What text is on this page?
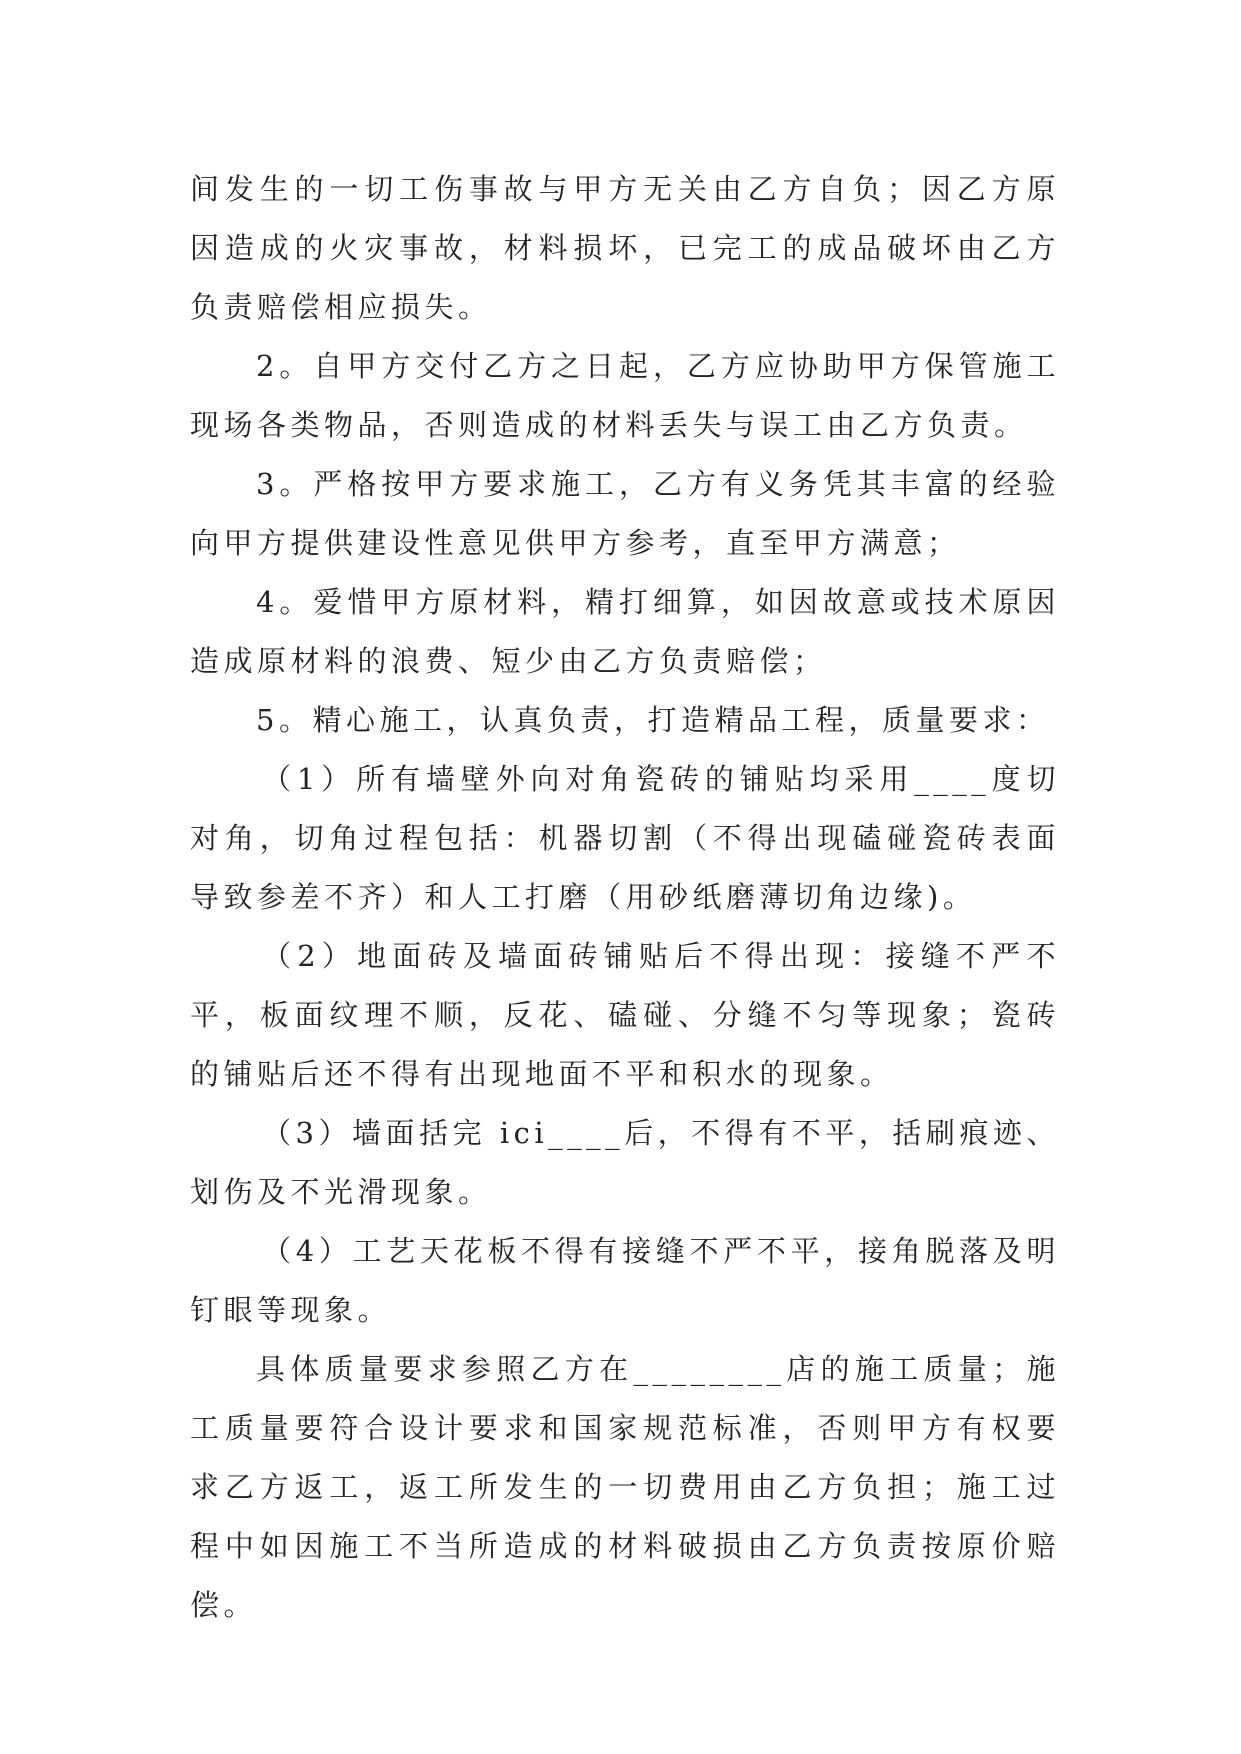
间发生的一切工伤事故与甲方无关由乙方自负；因乙方原因造成的火灾事故，材料损坏，已完工的成品破坏由乙方负责赔偿相应损失。

2。自甲方交付乙方之日起，乙方应协助甲方保管施工现场各类物品，否则造成的材料丢失与误工由乙方负责。

3。严格按甲方要求施工，乙方有义务凭其丰富的经验向甲方提供建设性意见供甲方参考，直至甲方满意；

4。爱惜甲方原材料，精打细算，如因故意或技术原因造成原材料的浪费、短少由乙方负责赔偿；

5。精心施工，认真负责，打造精品工程，质量要求：

（1）所有墙壁外向对角瓷砖的铺贴均采用____度切对角，切角过程包括：机器切割（不得出现磕碰瓷砖表面导致参差不齐）和人工打磨（用砂纸磨薄切角边缘)。

（2）地面砖及墙面砖铺贴后不得出现：接缝不严不平，板面纹理不顺，反花、磕碰、分缝不匀等现象；瓷砖的铺贴后还不得有出现地面不平和积水的现象。

（3）墙面括完 ici____后，不得有不平，括刷痕迹、划伤及不光滑现象。

（4）工艺天花板不得有接缝不严不平，接角脱落及明钉眼等现象。

具体质量要求参照乙方在________店的施工质量；施工质量要符合设计要求和国家规范标准，否则甲方有权要求乙方返工，返工所发生的一切费用由乙方负担；施工过程中如因施工不当所造成的材料破损由乙方负责按原价赔偿。
